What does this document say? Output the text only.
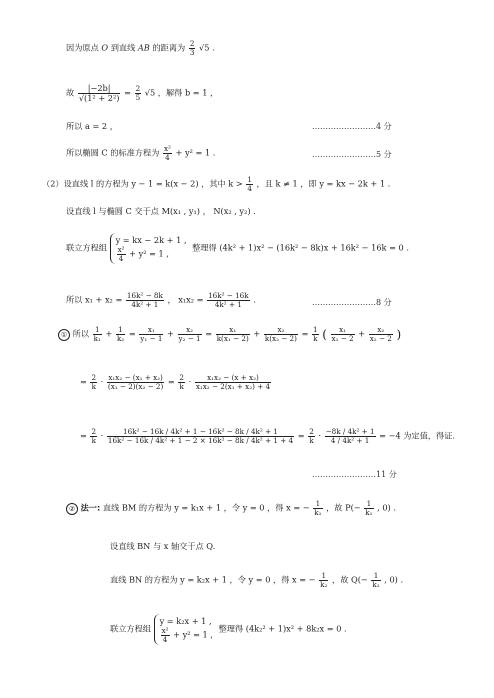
因为原点 O 到直线 AB 的距离为 $\frac{2}{3} √5$ .
故 $\frac{|-2b|}{\text{√(1² + 2²)}} = \frac{2}{5} √5$ ，解得 b = 1 ，
所以 a = 2 ，	……………………4 分
所以椭圆 C 的标准方程为 $\frac{\text{x²}}{4} + y^2 = 1$ .	……………………5 分
（2）设直线 l 的方程为 y − 1 = k(x − 2) ，其中 $k > \frac{1}{4}$ ，且 k ≠ 1 ，即 y = kx − 2k + 1 .
设直线 l 与椭圆 C 交于点 M(x₁ , y₁) ， N(x₂ , y₂) .
联立方程组
y = kx − 2k + 1 ,
$\frac{\text{x²}}{4} + y^2 = 1$ ,
整理得 (4k² + 1)x² − (16k² − 8k)x + 16k² − 16k = 0 .
所以 $x_1 + x_2 = \frac{\text{16k² − 8k}}{\text{4k² + 1}}$ ， $x_1x_2 = \frac{\text{16k² − 16k}}{\text{4k² + 1}}$ .	……………………8 分
① 所以 $\frac{1}{\text{k₁}} + \frac{1}{\text{k₂}} = \frac{\text{x₁}}{\text{y₁ − 1}} + \frac{\text{x₂}}{\text{y₂ − 1}} = \frac{\text{x₁}}{\text{k(x₁ − 2)}} + \frac{\text{x₂}}{\text{k(x₂ − 2)}} = \frac{1}{k}$ ( $\frac{\text{x₁}}{\text{x₁ − 2}} + \frac{\text{x₂}}{\text{x₂ − 2}}$ )
= $\frac{2}{k} \cdot \frac{\text{x₁x₂ − (x₁ + x₂)}}{\text{(x₁ − 2)(x₂ − 2)}} = \frac{2}{k} \cdot \frac{\text{x₁x₂ − (x + x₂)}}{\text{x₁x₂ − 2(x₁ + x₂) + 4}}$
= $\frac{2}{k} \cdot \frac{\text{16k² − 16k / 4k² + 1 − 16k² − 8k / 4k² + 1}}{\text{16k² − 16k / 4k² + 1 − 2 × 16k² − 8k / 4k² + 1 + 4}} = \frac{2}{k} \cdot \frac{\text{−8k / 4k² + 1}}{\text{4 / 4k² + 1}} = -4$ 为定值，得证.
……………………11 分
② 法一: 直线 BM 的方程为 y = k₁x + 1 ，令 y = 0 ，得 x = − $\frac{1}{\text{k₁}}$ ，故 $P(- \frac{1}{\text{k₁}}$ , 0) .
设直线 BN 与 x 轴交于点 Q.
直线 BN 的方程为 y = k₂x + 1 ，令 y = 0 ，得 x = − $\frac{1}{\text{k₂}}$ ，故 $Q(- \frac{1}{\text{k₂}}$ , 0) .
联立方程组
y = k₂x + 1 ,
$\frac{\text{x²}}{4} + y^2 = 1$ ,
整理得 (4k₂² + 1)x² + 8k₂x = 0 .
